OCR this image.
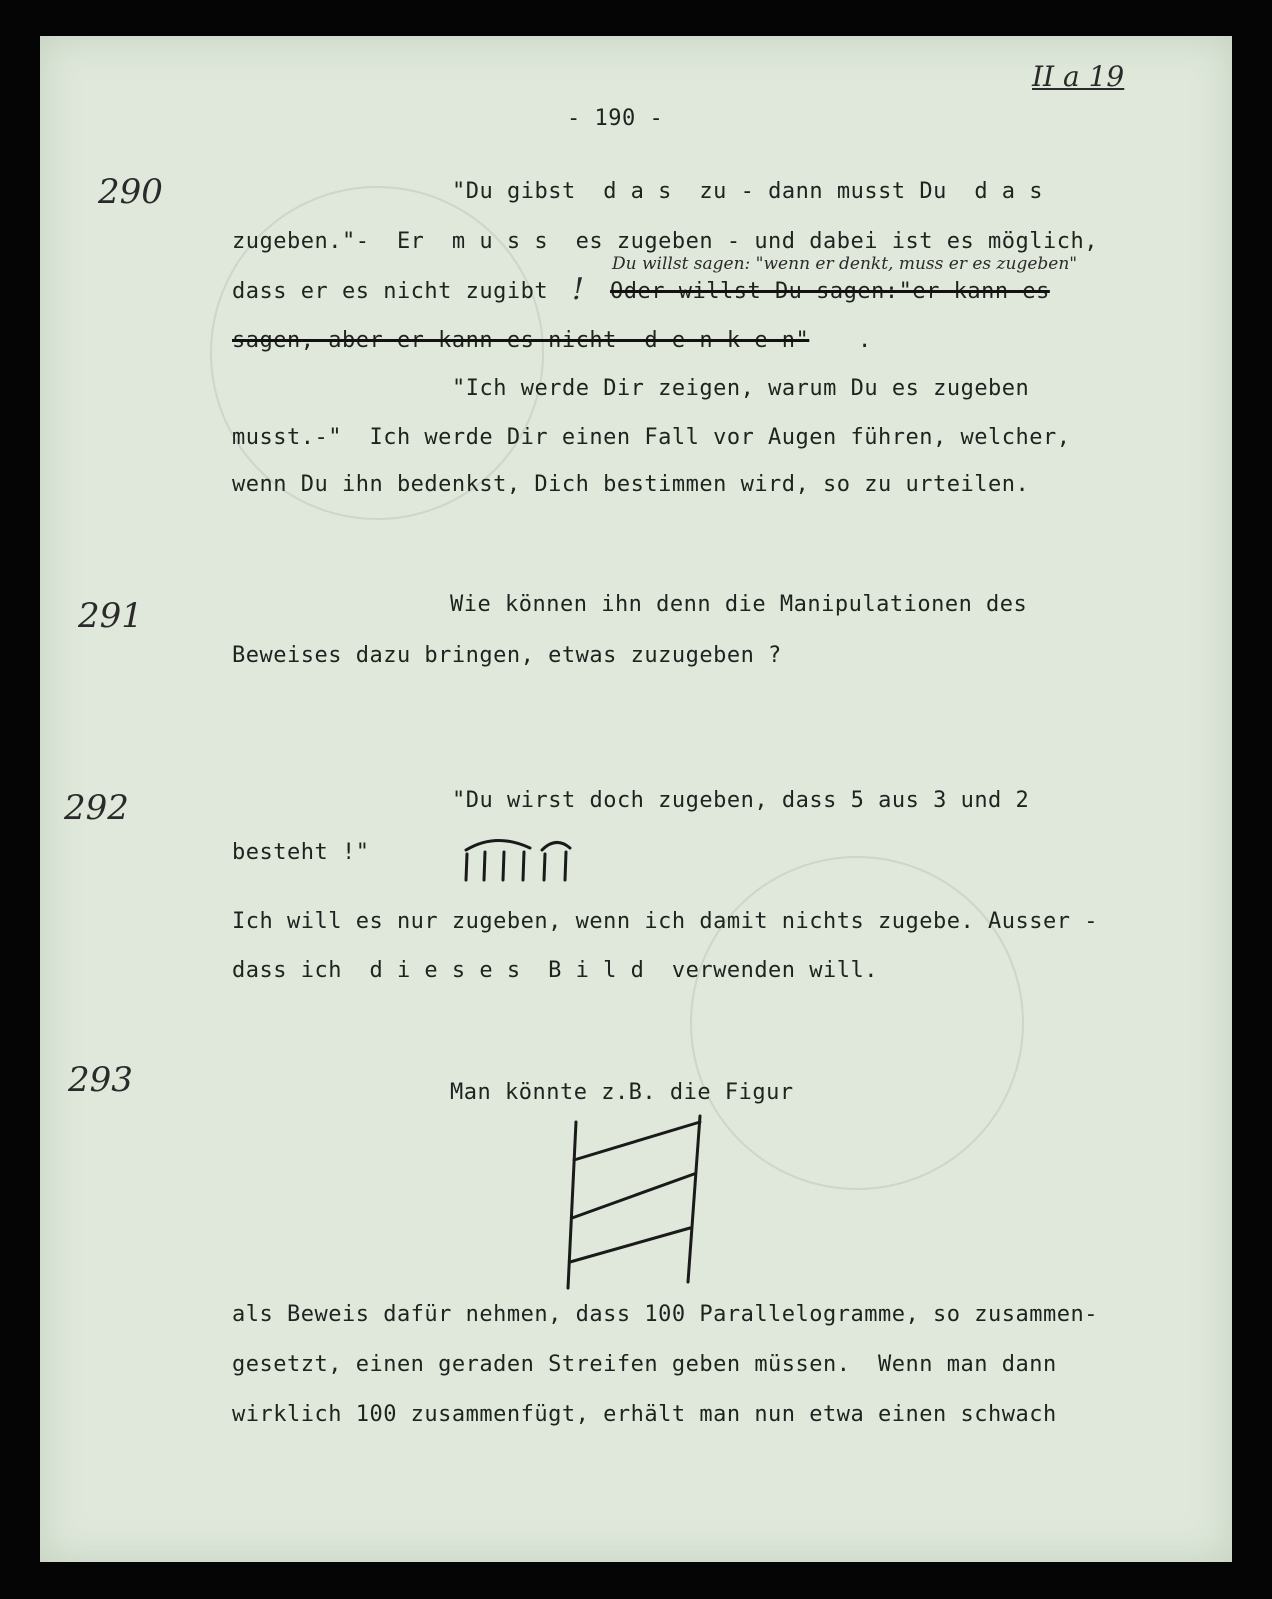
II a 19
- 190 -
290	"Du gibst  d a s  zu - dann musst Du  d a s
zugeben."-  Er  m u s s  es zugeben - und dabei ist es möglich,
dass er es nicht zugibt !
Du willst sagen: "wenn er denkt, muss er es zugeben"
Oder willst Du sagen:"er kann es
sagen, aber er kann es nicht  d e n k e n" .
"Ich werde Dir zeigen, warum Du es zugeben
musst.-"  Ich werde Dir einen Fall vor Augen führen, welcher,
wenn Du ihn bedenkst, Dich bestimmen wird, so zu urteilen.
291	Wie können ihn denn die Manipulationen des
Beweises dazu bringen, etwas zuzugeben ?
292	"Du wirst doch zugeben, dass 5 aus 3 und 2
besteht !"
Ich will es nur zugeben, wenn ich damit nichts zugebe. Ausser -
dass ich  d i e s e s  B i l d  verwenden will.
293	Man könnte z.B. die Figur
als Beweis dafür nehmen, dass 100 Parallelogramme, so zusammen-
gesetzt, einen geraden Streifen geben müssen.  Wenn man dann
wirklich 100 zusammenfügt, erhält man nun etwa einen schwach
